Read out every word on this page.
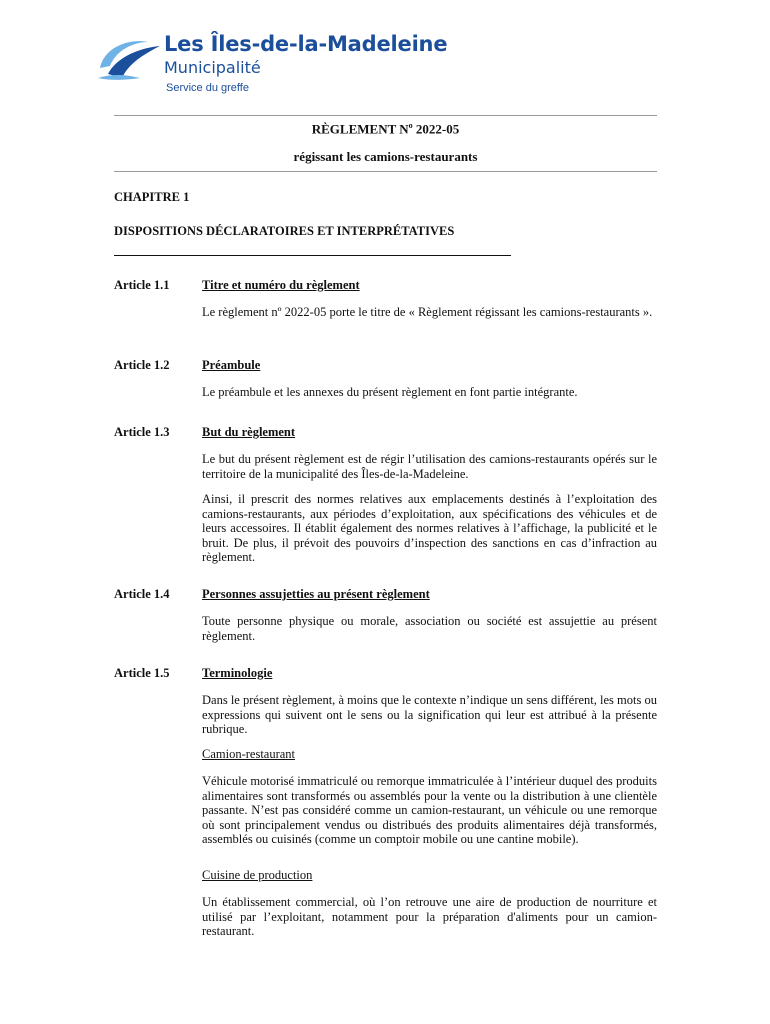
Les Îles-de-la-Madeleine
Municipalité
Service du greffe
RÈGLEMENT $N^o$ 2022-05
régissant les camions-restaurants
CHAPITRE 1
DISPOSITIONS DÉCLARATOIRES ET INTERPRÉTATIVES
Article 1.1	Titre et numéro du règlement
Le règlement nº 2022-05 porte le titre de « Règlement régissant les camions-restaurants ».
Article 1.2	Préambule
Le préambule et les annexes du présent règlement en font partie intégrante.
Article 1.3	But du règlement
Le but du présent règlement est de régir l’utilisation des camions-restaurants opérés sur le territoire de la municipalité des Îles-de-la-Madeleine.
Ainsi, il prescrit des normes relatives aux emplacements destinés à l’exploitation des camions-restaurants, aux périodes d’exploitation, aux spécifications des véhicules et de leurs accessoires. Il établit également des normes relatives à l’affichage, la publicité et le bruit. De plus, il prévoit des pouvoirs d’inspection des sanctions en cas d’infraction au règlement.
Article 1.4	Personnes assujetties au présent règlement
Toute personne physique ou morale, association ou société est assujettie au présent règlement.
Article 1.5	Terminologie
Dans le présent règlement, à moins que le contexte n’indique un sens différent, les mots ou expressions qui suivent ont le sens ou la signification qui leur est attribué à la présente rubrique.
Camion-restaurant
Véhicule motorisé immatriculé ou remorque immatriculée à l’intérieur duquel des produits alimentaires sont transformés ou assemblés pour la vente ou la distribution à une clientèle passante. N’est pas considéré comme un camion-restaurant, un véhicule ou une remorque où sont principalement vendus ou distribués des produits alimentaires déjà transformés, assemblés ou cuisinés (comme un comptoir mobile ou une cantine mobile).
Cuisine de production
Un établissement commercial, où l’on retrouve une aire de production de nourriture et utilisé par l’exploitant, notamment pour la préparation d'aliments pour un camion-restaurant.
